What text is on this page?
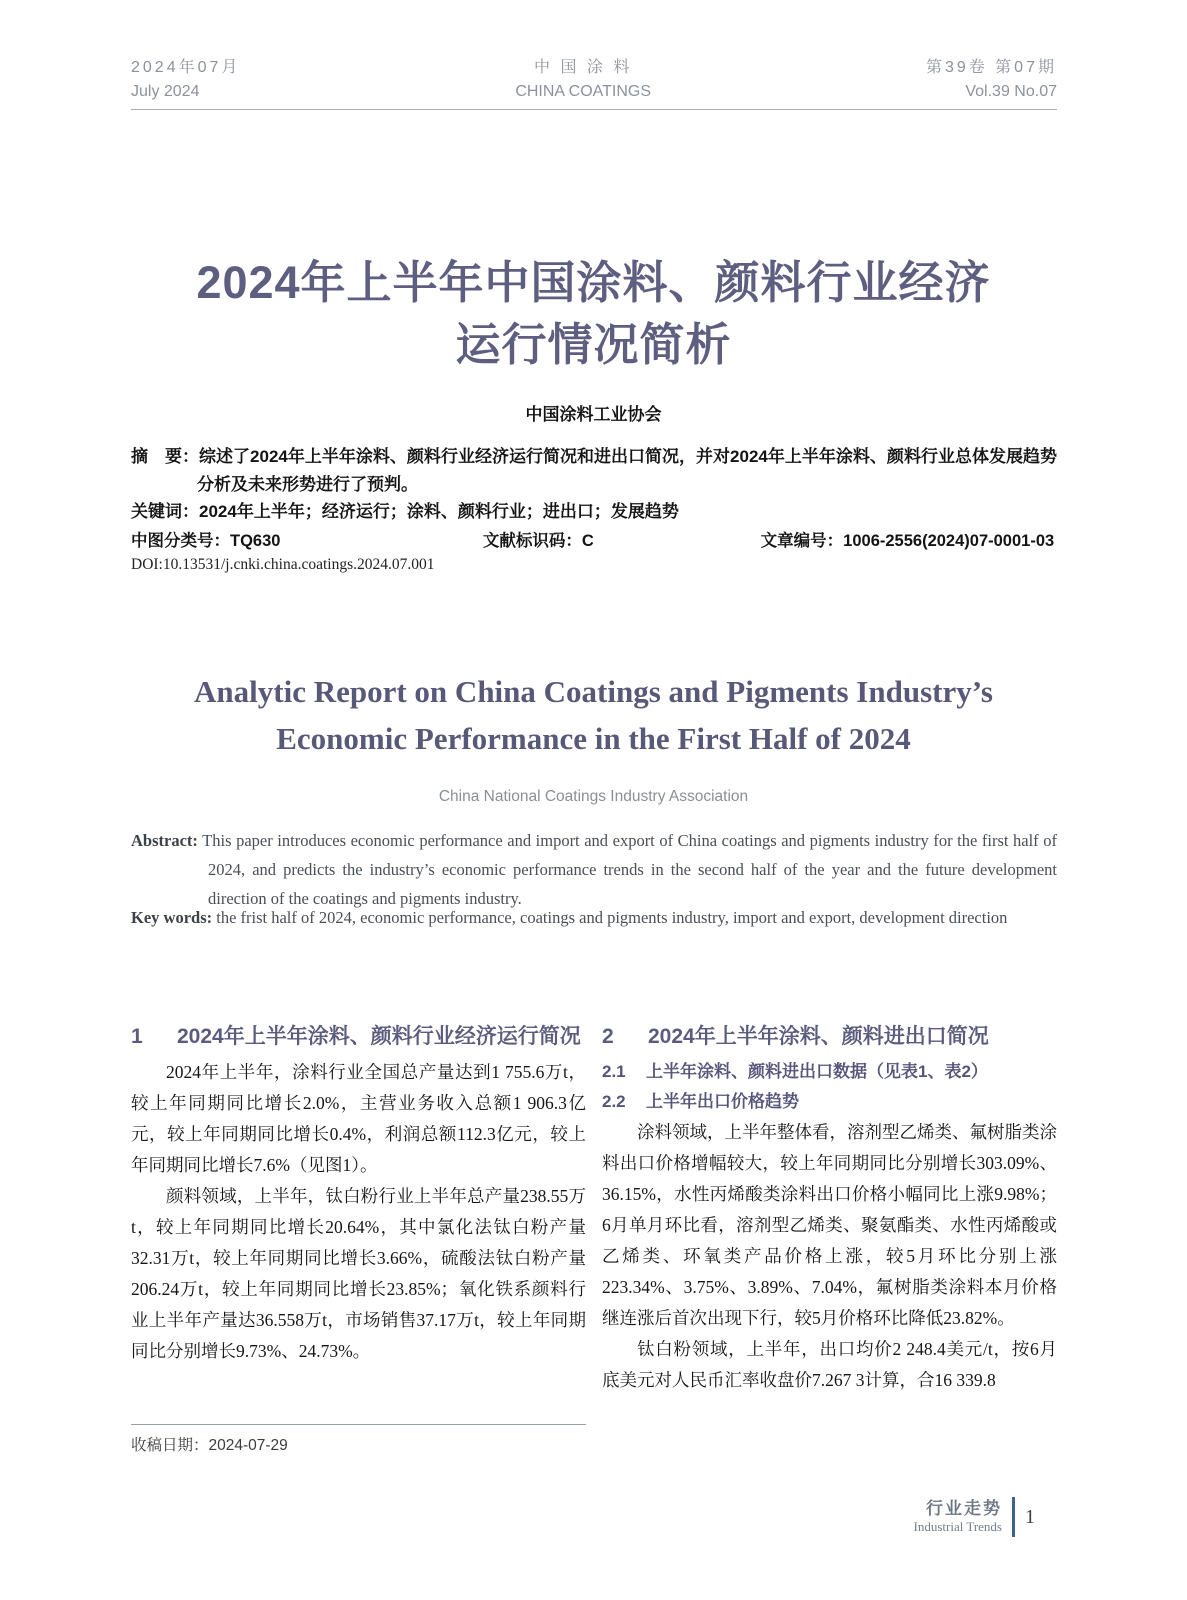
2024年07月
July 2024
中 国 涂 料
CHINA COATINGS
第39卷 第07期
Vol.39 No.07
2024年上半年中国涂料、颜料行业经济
运行情况简析
中国涂料工业协会
摘　要：综述了2024年上半年涂料、颜料行业经济运行简况和进出口简况，并对2024年上半年涂料、颜料行业总体发展趋势分析及未来形势进行了预判。
关键词：2024年上半年；经济运行；涂料、颜料行业；进出口；发展趋势
中图分类号：TQ630	文献标识码：C	文章编号：1006-2556(2024)07-0001-03
DOI:10.13531/j.cnki.china.coatings.2024.07.001
Analytic Report on China Coatings and Pigments Industry’s
Economic Performance in the First Half of 2024
China National Coatings Industry Association
Abstract: This paper introduces economic performance and import and export of China coatings and pigments industry for the first half of 2024, and predicts the industry’s economic performance trends in the second half of the year and the future development direction of the coatings and pigments industry.
Key words: the frist half of 2024, economic performance, coatings and pigments industry, import and export, development direction
1	2024年上半年涂料、颜料行业经济运行简况

2024年上半年，涂料行业全国总产量达到1 755.6万t，较上年同期同比增长2.0%，主营业务收入总额1 906.3亿元，较上年同期同比增长0.4%，利润总额112.3亿元，较上年同期同比增长7.6%（见图1）。

颜料领域，上半年，钛白粉行业上半年总产量238.55万t，较上年同期同比增长20.64%，其中氯化法钛白粉产量32.31万t，较上年同期同比增长3.66%，硫酸法钛白粉产量206.24万t，较上年同期同比增长23.85%；氧化铁系颜料行业上半年产量达36.558万t，市场销售37.17万t，较上年同期同比分别增长9.73%、24.73%。

2	2024年上半年涂料、颜料进出口简况
2.1	上半年涂料、颜料进出口数据（见表1、表2）
2.2	上半年出口价格趋势

涂料领域，上半年整体看，溶剂型乙烯类、氟树脂类涂料出口价格增幅较大，较上年同期同比分别增长303.09%、36.15%，水性丙烯酸类涂料出口价格小幅同比上涨9.98%；6月单月环比看，溶剂型乙烯类、聚氨酯类、水性丙烯酸或乙烯类、环氧类产品价格上涨，较5月环比分别上涨223.34%、3.75%、3.89%、7.04%，氟树脂类涂料本月价格继连涨后首次出现下行，较5月价格环比降低23.82%。

钛白粉领域，上半年，出口均价2 248.4美元/t，按6月底美元对人民币汇率收盘价7.267 3计算，合16 339.8

收稿日期：2024-07-29
行业走势
Industrial Trends	1
